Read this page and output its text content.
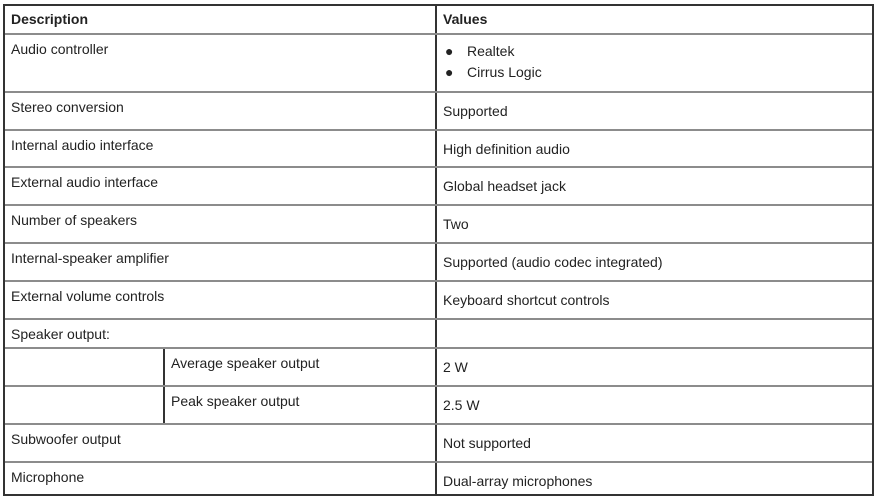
Description	Values
Audio controller	● Realtek
● Cirrus Logic
Stereo conversion	Supported
Internal audio interface	High definition audio
External audio interface	Global headset jack
Number of speakers	Two
Internal-speaker amplifier	Supported (audio codec integrated)
External volume controls	Keyboard shortcut controls
Speaker output:
Average speaker output	2 W
Peak speaker output	2.5 W
Subwoofer output	Not supported
Microphone	Dual-array microphones
